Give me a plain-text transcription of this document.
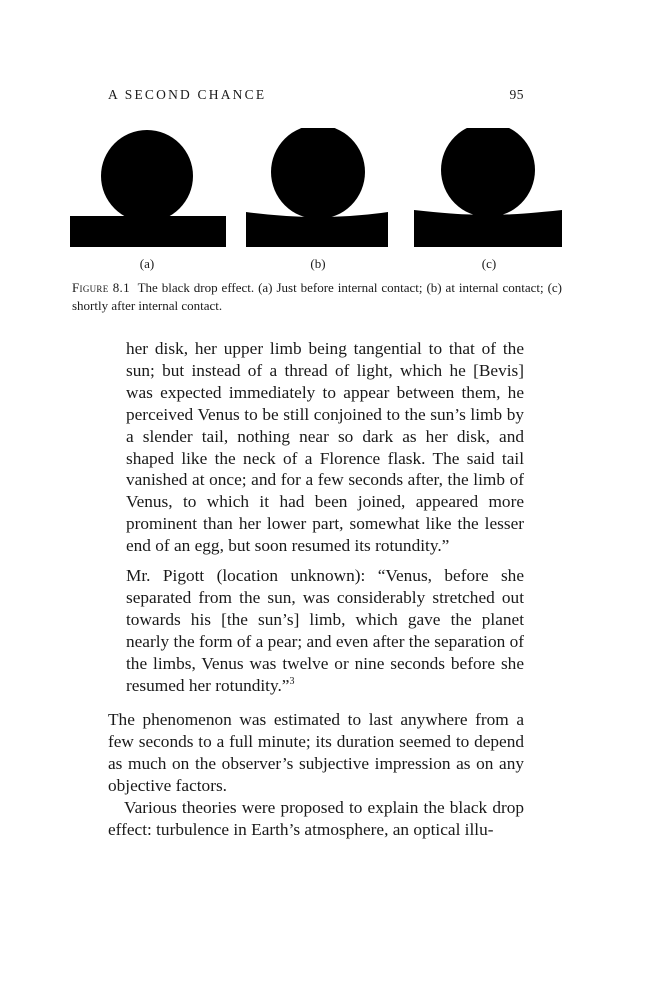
A SECOND CHANCE	95
(a)	(b)	(c)

Figure 8.1 The black drop effect. (a) Just before internal contact; (b) at internal contact; (c) shortly after internal contact.

her disk, her upper limb being tangential to that of the sun; but instead of a thread of light, which he [Bevis] was expected immediately to appear between them, he perceived Venus to be still conjoined to the sun’s limb by a slender tail, nothing near so dark as her disk, and shaped like the neck of a Florence flask. The said tail vanished at once; and for a few seconds after, the limb of Venus, to which it had been joined, appeared more prominent than her lower part, somewhat like the lesser end of an egg, but soon resumed its rotundity.”

Mr. Pigott (location unknown): “Venus, before she separated from the sun, was considerably stretched out towards his [the sun’s] limb, which gave the planet nearly the form of a pear; and even after the separation of the limbs, Venus was twelve or nine seconds before she resumed her rotundity.”$^3$

The phenomenon was estimated to last anywhere from a few seconds to a full minute; its duration seemed to depend as much on the observer’s subjective impression as on any objective factors.

Various theories were proposed to explain the black drop effect: turbulence in Earth’s atmosphere, an optical illu-
